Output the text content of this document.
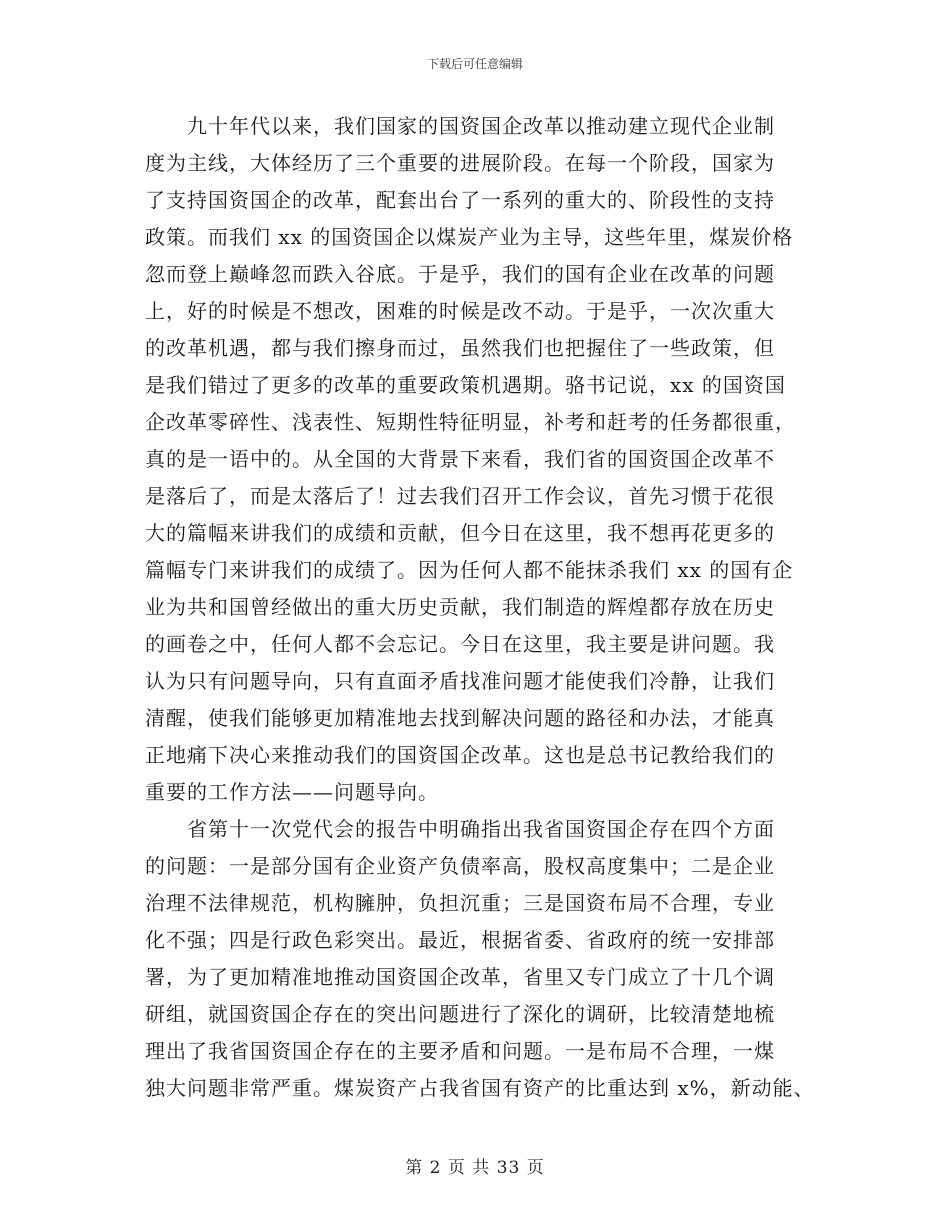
下载后可任意编辑
九十年代以来，我们国家的国资国企改革以推动建立现代企业制
度为主线，大体经历了三个重要的进展阶段。在每一个阶段，国家为
了支持国资国企的改革，配套出台了一系列的重大的、阶段性的支持
政策。而我们 xx 的国资国企以煤炭产业为主导，这些年里，煤炭价格
忽而登上巅峰忽而跌入谷底。于是乎，我们的国有企业在改革的问题
上，好的时候是不想改，困难的时候是改不动。于是乎，一次次重大
的改革机遇，都与我们擦身而过，虽然我们也把握住了一些政策，但
是我们错过了更多的改革的重要政策机遇期。骆书记说，xx 的国资国
企改革零碎性、浅表性、短期性特征明显，补考和赶考的任务都很重，
真的是一语中的。从全国的大背景下来看，我们省的国资国企改革不
是落后了，而是太落后了！过去我们召开工作会议，首先习惯于花很
大的篇幅来讲我们的成绩和贡献，但今日在这里，我不想再花更多的
篇幅专门来讲我们的成绩了。因为任何人都不能抹杀我们 xx 的国有企
业为共和国曾经做出的重大历史贡献，我们制造的辉煌都存放在历史
的画卷之中，任何人都不会忘记。今日在这里，我主要是讲问题。我
认为只有问题导向，只有直面矛盾找准问题才能使我们冷静，让我们
清醒，使我们能够更加精准地去找到解决问题的路径和办法，才能真
正地痛下决心来推动我们的国资国企改革。这也是总书记教给我们的
重要的工作方法——问题导向。
省第十一次党代会的报告中明确指出我省国资国企存在四个方面
的问题：一是部分国有企业资产负债率高，股权高度集中；二是企业
治理不法律规范，机构臃肿，负担沉重；三是国资布局不合理，专业
化不强；四是行政色彩突出。最近，根据省委、省政府的统一安排部
署，为了更加精准地推动国资国企改革，省里又专门成立了十几个调
研组，就国资国企存在的突出问题进行了深化的调研，比较清楚地梳
理出了我省国资国企存在的主要矛盾和问题。一是布局不合理，一煤
独大问题非常严重。煤炭资产占我省国有资产的比重达到 x%，新动能、
第 2 页 共 33 页
